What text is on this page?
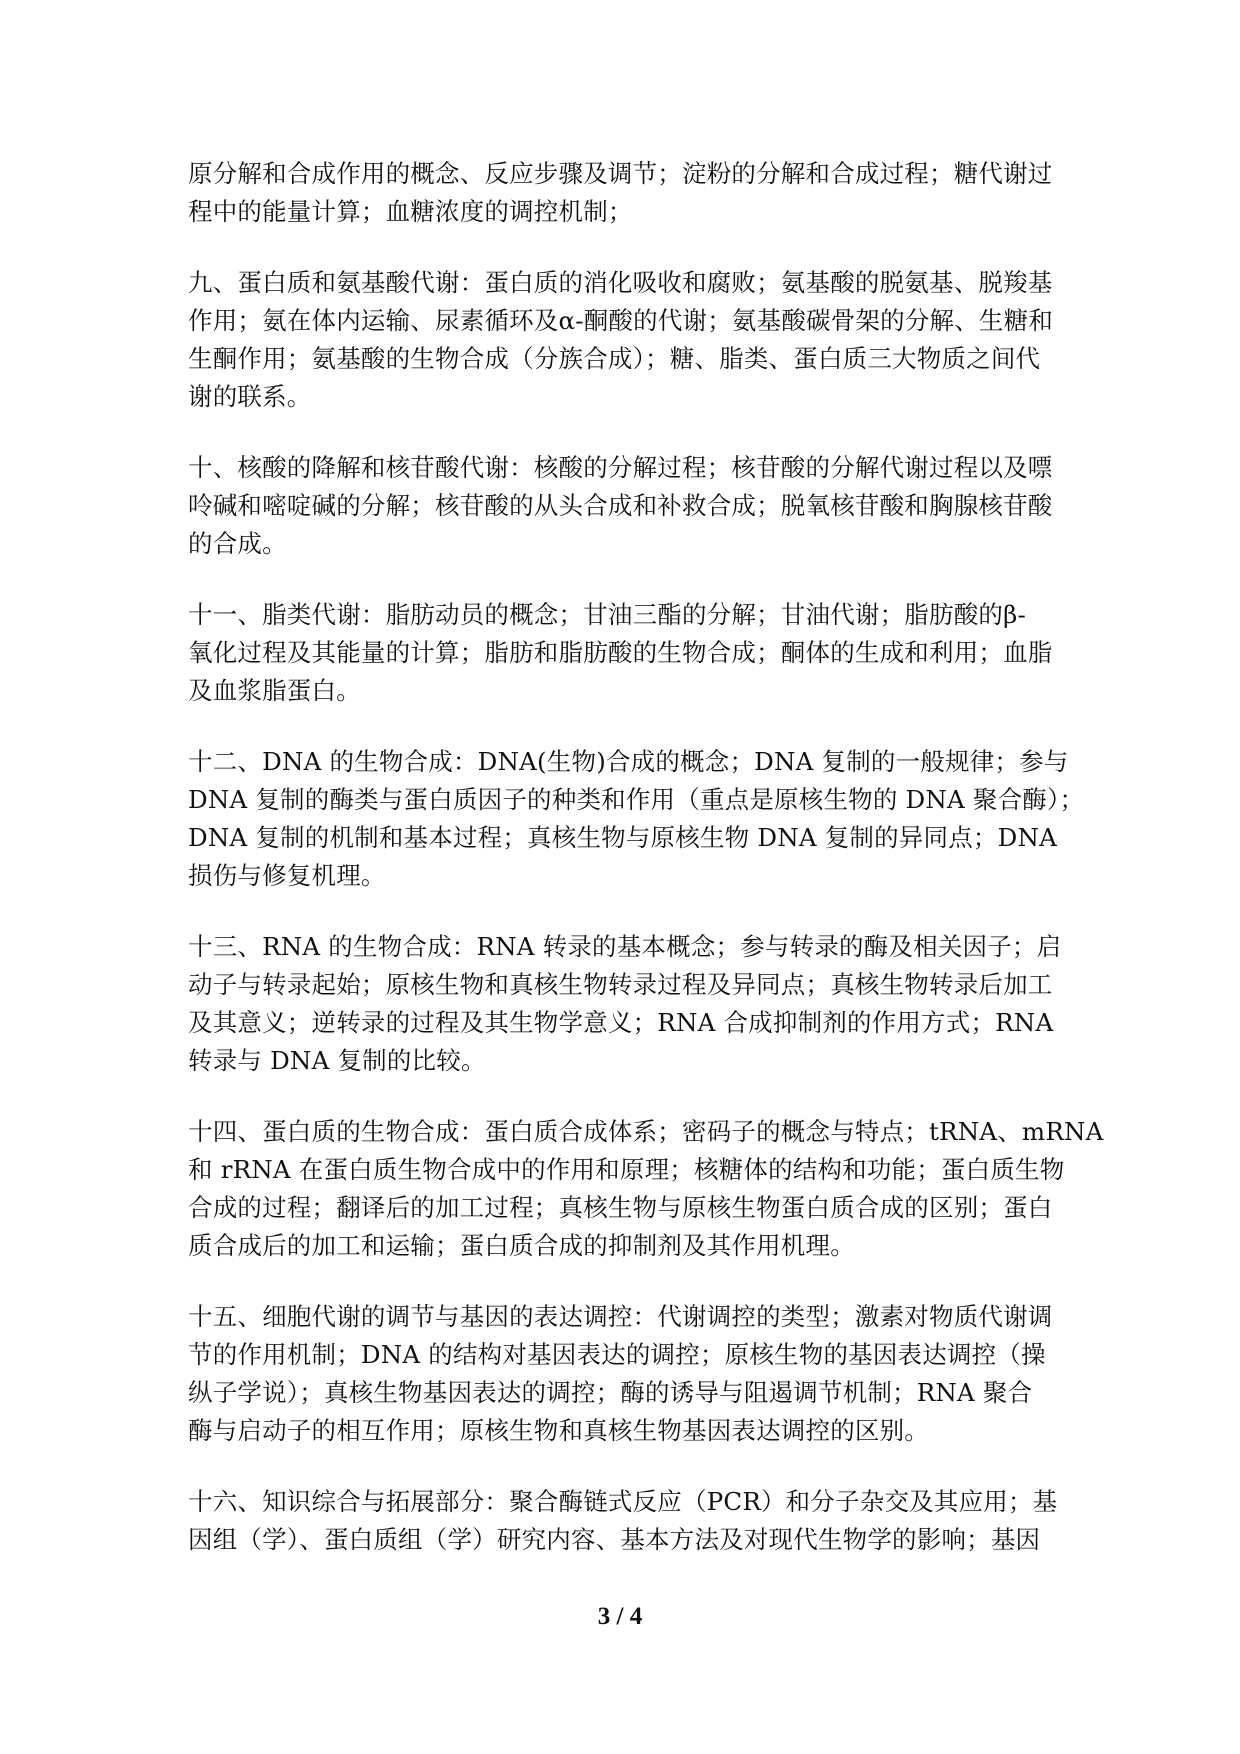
原分解和合成作用的概念、反应步骤及调节；淀粉的分解和合成过程；糖代谢过
程中的能量计算；血糖浓度的调控机制；

九、蛋白质和氨基酸代谢：蛋白质的消化吸收和腐败；氨基酸的脱氨基、脱羧基
作用；氨在体内运输、尿素循环及α-酮酸的代谢；氨基酸碳骨架的分解、生糖和
生酮作用；氨基酸的生物合成（分族合成）；糖、脂类、蛋白质三大物质之间代
谢的联系。

十、核酸的降解和核苷酸代谢：核酸的分解过程；核苷酸的分解代谢过程以及嘌
呤碱和嘧啶碱的分解；核苷酸的从头合成和补救合成；脱氧核苷酸和胸腺核苷酸
的合成。

十一、脂类代谢：脂肪动员的概念；甘油三酯的分解；甘油代谢；脂肪酸的β-
氧化过程及其能量的计算；脂肪和脂肪酸的生物合成；酮体的生成和利用；血脂
及血浆脂蛋白。

十二、DNA 的生物合成：DNA(生物)合成的概念；DNA 复制的一般规律；参与
DNA 复制的酶类与蛋白质因子的种类和作用（重点是原核生物的 DNA 聚合酶）；
DNA 复制的机制和基本过程；真核生物与原核生物 DNA 复制的异同点；DNA
损伤与修复机理。

十三、RNA 的生物合成：RNA 转录的基本概念；参与转录的酶及相关因子；启
动子与转录起始；原核生物和真核生物转录过程及异同点；真核生物转录后加工
及其意义；逆转录的过程及其生物学意义；RNA 合成抑制剂的作用方式；RNA
转录与 DNA 复制的比较。

十四、蛋白质的生物合成：蛋白质合成体系；密码子的概念与特点；tRNA、mRNA
和 rRNA 在蛋白质生物合成中的作用和原理；核糖体的结构和功能；蛋白质生物
合成的过程；翻译后的加工过程；真核生物与原核生物蛋白质合成的区别；蛋白
质合成后的加工和运输；蛋白质合成的抑制剂及其作用机理。

十五、细胞代谢的调节与基因的表达调控：代谢调控的类型；激素对物质代谢调
节的作用机制；DNA 的结构对基因表达的调控；原核生物的基因表达调控（操
纵子学说）；真核生物基因表达的调控；酶的诱导与阻遏调节机制；RNA 聚合
酶与启动子的相互作用；原核生物和真核生物基因表达调控的区别。

十六、知识综合与拓展部分：聚合酶链式反应（PCR）和分子杂交及其应用；基
因组（学）、蛋白质组（学）研究内容、基本方法及对现代生物学的影响；基因

3 / 4
